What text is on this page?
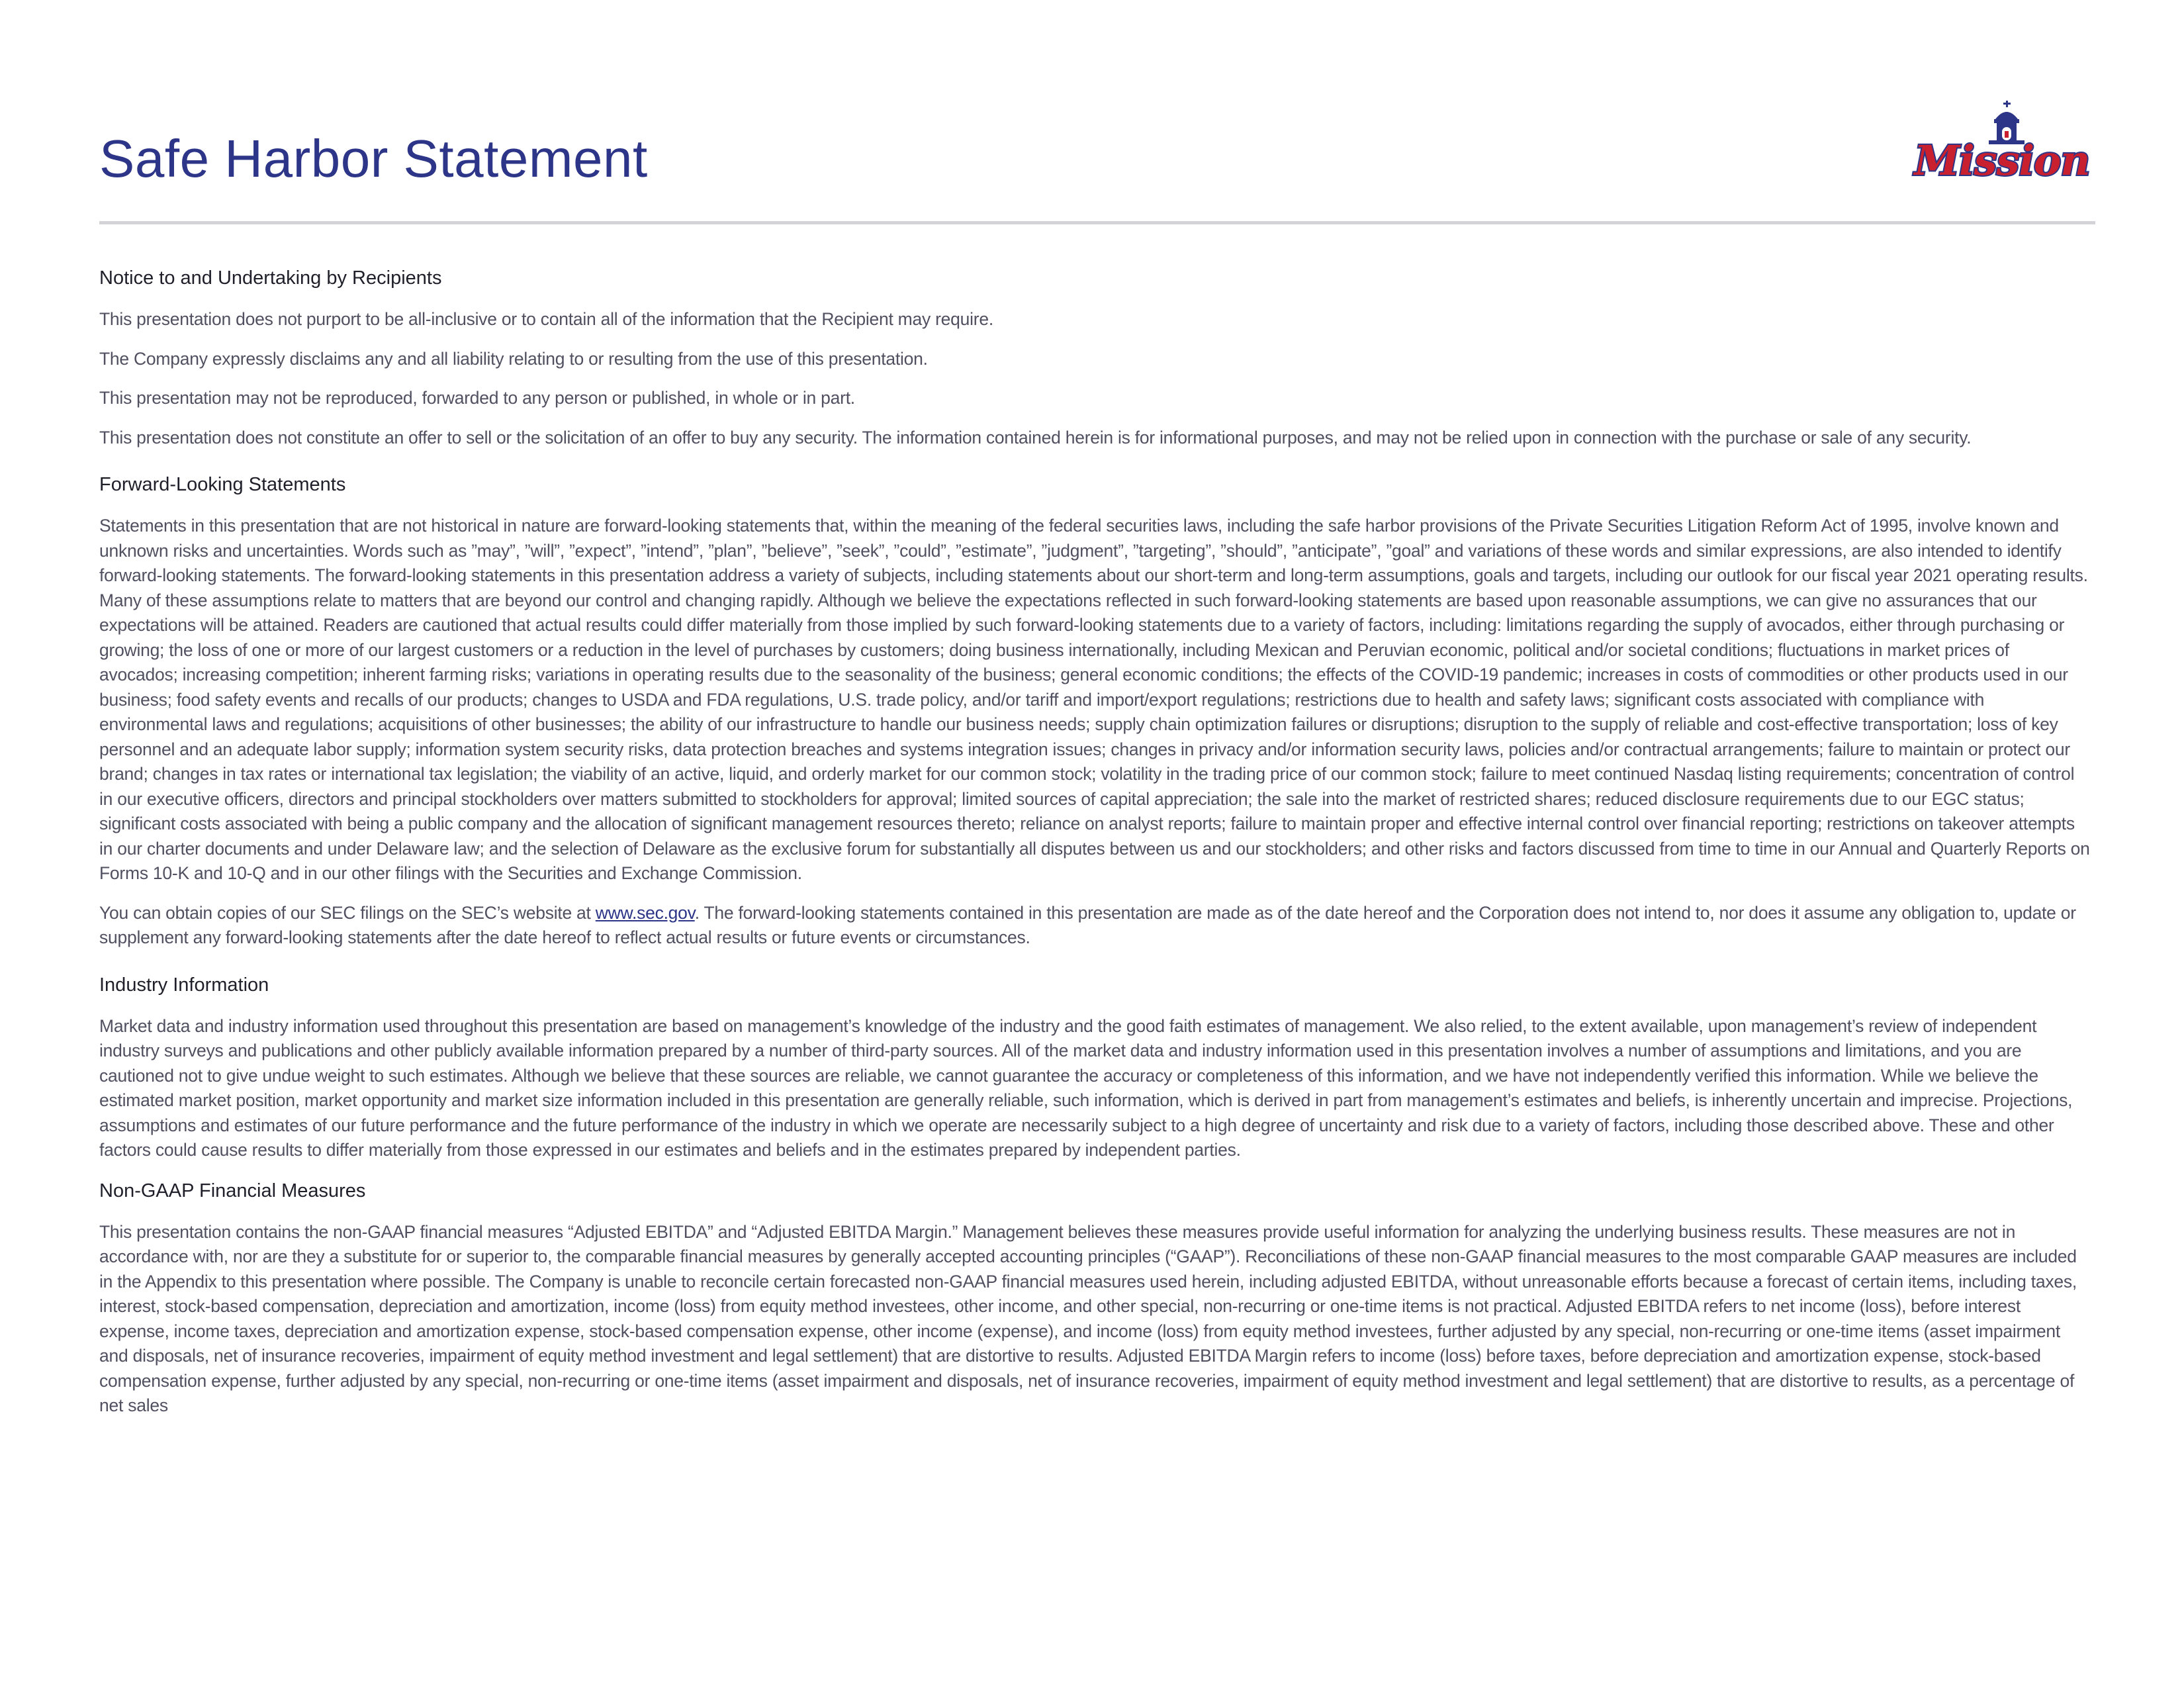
Safe Harbor Statement	Mission

Notice to and Undertaking by Recipients

This presentation does not purport to be all-inclusive or to contain all of the information that the Recipient may require.

The Company expressly disclaims any and all liability relating to or resulting from the use of this presentation.

This presentation may not be reproduced, forwarded to any person or published, in whole or in part.

This presentation does not constitute an offer to sell or the solicitation of an offer to buy any security. The information contained herein is for informational purposes, and may not be relied upon in connection with the purchase or sale of any security.

Forward-Looking Statements

Statements in this presentation that are not historical in nature are forward-looking statements that, within the meaning of the federal securities laws, including the safe harbor provisions of the Private Securities Litigation Reform Act of 1995, involve known and unknown risks and uncertainties. Words such as ”may”, ”will”, ”expect”, ”intend”, ”plan”, ”believe”, ”seek”, ”could”, ”estimate”, ”judgment”, ”targeting”, ”should”, ”anticipate”, ”goal” and variations of these words and similar expressions, are also intended to identify forward-looking statements. The forward-looking statements in this presentation address a variety of subjects, including statements about our short-term and long-term assumptions, goals and targets, including our outlook for our fiscal year 2021 operating results. Many of these assumptions relate to matters that are beyond our control and changing rapidly. Although we believe the expectations reflected in such forward-looking statements are based upon reasonable assumptions, we can give no assurances that our expectations will be attained. Readers are cautioned that actual results could differ materially from those implied by such forward-looking statements due to a variety of factors, including: limitations regarding the supply of avocados, either through purchasing or growing; the loss of one or more of our largest customers or a reduction in the level of purchases by customers; doing business internationally, including Mexican and Peruvian economic, political and/or societal conditions; fluctuations in market prices of avocados; increasing competition; inherent farming risks; variations in operating results due to the seasonality of the business; general economic conditions; the effects of the COVID-19 pandemic; increases in costs of commodities or other products used in our business; food safety events and recalls of our products; changes to USDA and FDA regulations, U.S. trade policy, and/or tariff and import/export regulations; restrictions due to health and safety laws; significant costs associated with compliance with environmental laws and regulations; acquisitions of other businesses; the ability of our infrastructure to handle our business needs; supply chain optimization failures or disruptions; disruption to the supply of reliable and cost-effective transportation; loss of key personnel and an adequate labor supply; information system security risks, data protection breaches and systems integration issues; changes in privacy and/or information security laws, policies and/or contractual arrangements; failure to maintain or protect our brand; changes in tax rates or international tax legislation; the viability of an active, liquid, and orderly market for our common stock; volatility in the trading price of our common stock; failure to meet continued Nasdaq listing requirements; concentration of control in our executive officers, directors and principal stockholders over matters submitted to stockholders for approval; limited sources of capital appreciation; the sale into the market of restricted shares; reduced disclosure requirements due to our EGC status; significant costs associated with being a public company and the allocation of significant management resources thereto; reliance on analyst reports; failure to maintain proper and effective internal control over financial reporting; restrictions on takeover attempts in our charter documents and under Delaware law; and the selection of Delaware as the exclusive forum for substantially all disputes between us and our stockholders; and other risks and factors discussed from time to time in our Annual and Quarterly Reports on Forms 10-K and 10-Q and in our other filings with the Securities and Exchange Commission.

You can obtain copies of our SEC filings on the SEC’s website at www.sec.gov. The forward-looking statements contained in this presentation are made as of the date hereof and the Corporation does not intend to, nor does it assume any obligation to, update or supplement any forward-looking statements after the date hereof to reflect actual results or future events or circumstances.

Industry Information

Market data and industry information used throughout this presentation are based on management’s knowledge of the industry and the good faith estimates of management. We also relied, to the extent available, upon management’s review of independent industry surveys and publications and other publicly available information prepared by a number of third-party sources. All of the market data and industry information used in this presentation involves a number of assumptions and limitations, and you are cautioned not to give undue weight to such estimates. Although we believe that these sources are reliable, we cannot guarantee the accuracy or completeness of this information, and we have not independently verified this information. While we believe the estimated market position, market opportunity and market size information included in this presentation are generally reliable, such information, which is derived in part from management’s estimates and beliefs, is inherently uncertain and imprecise. Projections, assumptions and estimates of our future performance and the future performance of the industry in which we operate are necessarily subject to a high degree of uncertainty and risk due to a variety of factors, including those described above. These and other factors could cause results to differ materially from those expressed in our estimates and beliefs and in the estimates prepared by independent parties.

Non-GAAP Financial Measures

This presentation contains the non-GAAP financial measures “Adjusted EBITDA” and “Adjusted EBITDA Margin.” Management believes these measures provide useful information for analyzing the underlying business results. These measures are not in accordance with, nor are they a substitute for or superior to, the comparable financial measures by generally accepted accounting principles (“GAAP”). Reconciliations of these non-GAAP financial measures to the most comparable GAAP measures are included in the Appendix to this presentation where possible. The Company is unable to reconcile certain forecasted non-GAAP financial measures used herein, including adjusted EBITDA, without unreasonable efforts because a forecast of certain items, including taxes, interest, stock-based compensation, depreciation and amortization, income (loss) from equity method investees, other income, and other special, non-recurring or one-time items is not practical. Adjusted EBITDA refers to net income (loss), before interest expense, income taxes, depreciation and amortization expense, stock-based compensation expense, other income (expense), and income (loss) from equity method investees, further adjusted by any special, non-recurring or one-time items (asset impairment and disposals, net of insurance recoveries, impairment of equity method investment and legal settlement) that are distortive to results. Adjusted EBITDA Margin refers to income (loss) before taxes, before depreciation and amortization expense, stock-based compensation expense, further adjusted by any special, non-recurring or one-time items (asset impairment and disposals, net of insurance recoveries, impairment of equity method investment and legal settlement) that are distortive to results, as a percentage of net sales
